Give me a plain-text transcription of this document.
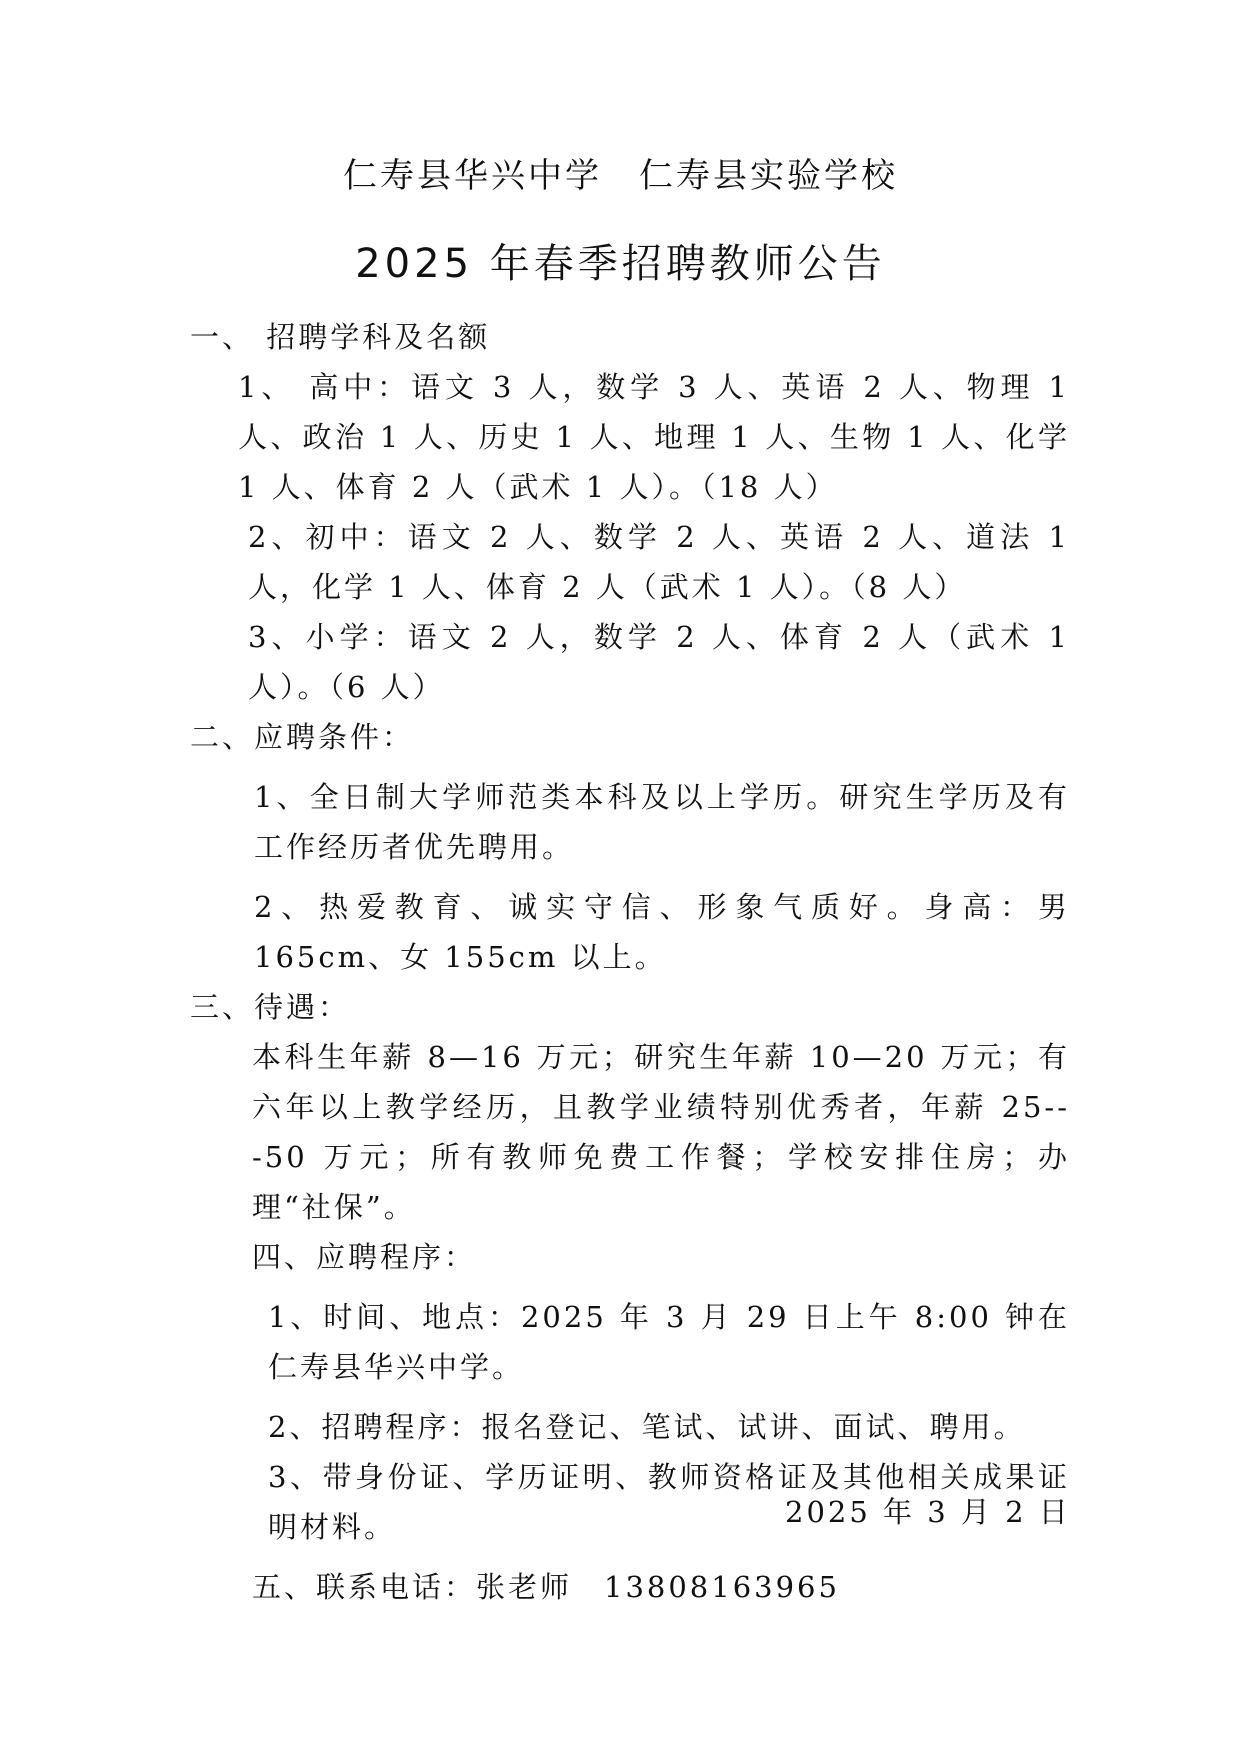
仁寿县华兴中学　仁寿县实验学校
2025 年春季招聘教师公告
一、 招聘学科及名额
1、 高中：语文 3 人，数学 3 人、英语 2 人、物理 1 人、政治 1 人、历史 1 人、地理 1 人、生物 1 人、化学 1 人、体育 2 人（武术 1 人）。（18 人）
2、初中：语文 2 人、数学 2 人、英语 2 人、道法 1 人，化学 1 人、体育 2 人（武术 1 人）。（8 人）
3、小学：语文 2 人，数学 2 人、体育 2 人（武术 1 人）。（6 人）
二、应聘条件：
1、全日制大学师范类本科及以上学历。研究生学历及有工作经历者优先聘用。
2、热爱教育、诚实守信、形象气质好。身高：男 165cm、女 155cm 以上。
三、待遇：
本科生年薪 8—16 万元；研究生年薪 10—20 万元；有六年以上教学经历，且教学业绩特别优秀者，年薪 25---50 万元；所有教师免费工作餐；学校安排住房；办理“社保”。
四、应聘程序：
1、时间、地点：2025 年 3 月 29 日上午 8:00 钟在仁寿县华兴中学。
2、招聘程序：报名登记、笔试、试讲、面试、聘用。
3、带身份证、学历证明、教师资格证及其他相关成果证明材料。
五、联系电话：张老师　13808163965
2025 年 3 月 2 日
